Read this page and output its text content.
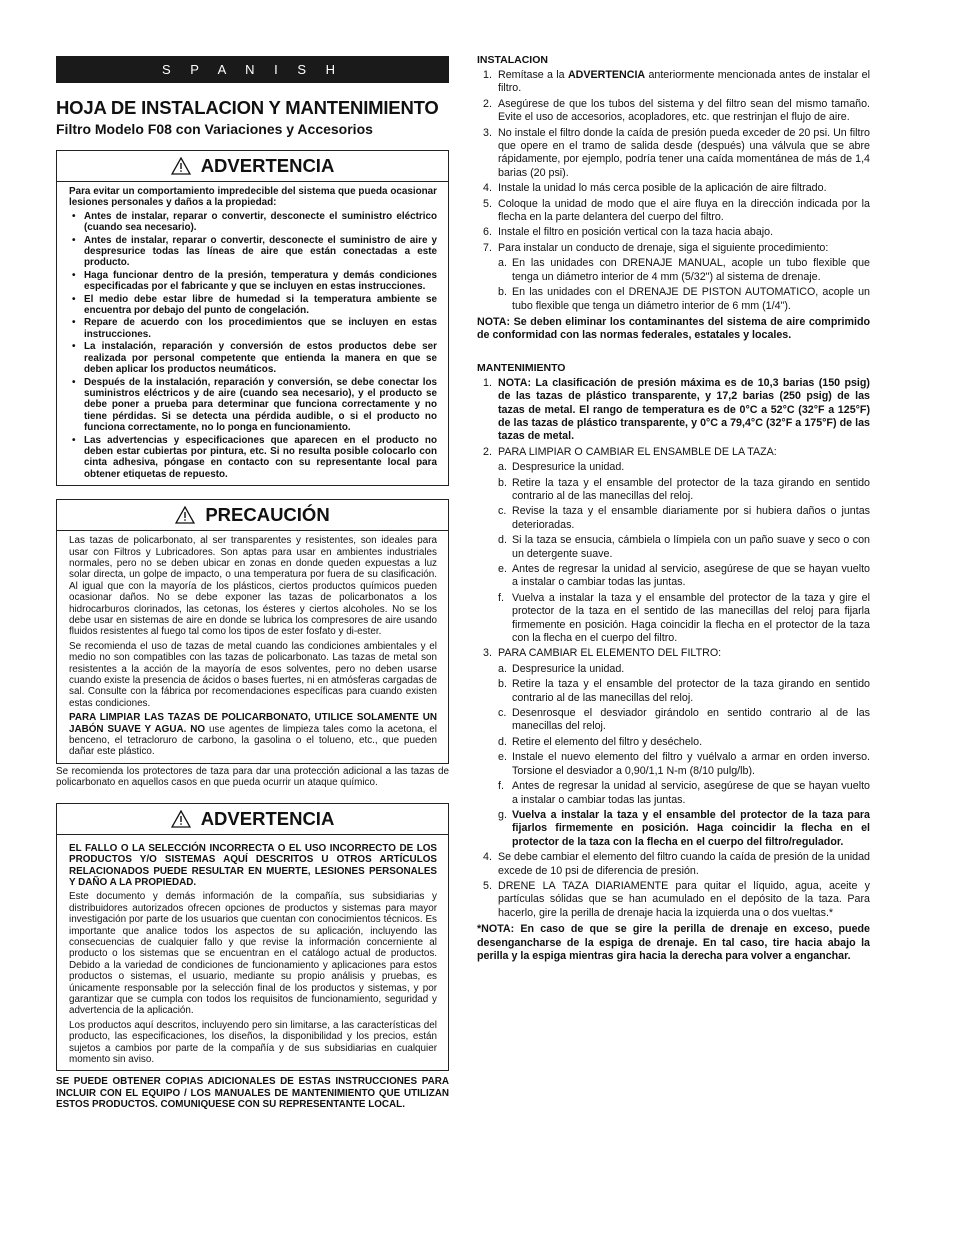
S P A N I S H
HOJA DE INSTALACION Y MANTENIMIENTO
Filtro Modelo F08 con Variaciones y Accesorios
ADVERTENCIA

Para evitar un comportamiento impredecible del sistema que pueda ocasionar lesiones personales y daños a la propiedad:

• Antes de instalar, reparar o convertir, desconecte el suministro eléctrico (cuando sea necesario).
• Antes de instalar, reparar o convertir, desconecte el suministro de aire y despresurice todas las líneas de aire que están conectadas a este producto.
• Haga funcionar dentro de la presión, temperatura y demás condiciones especificadas por el fabricante y que se incluyen en estas instrucciones.
• El medio debe estar libre de humedad si la temperatura ambiente se encuentra por debajo del punto de congelación.
• Repare de acuerdo con los procedimientos que se incluyen en estas instrucciones.
• La instalación, reparación y conversión de estos productos debe ser realizada por personal competente que entienda la manera en que se deben aplicar los productos neumáticos.
• Después de la instalación, reparación y conversión, se debe conectar los suministros eléctricos y de aire (cuando sea necesario), y el producto se debe poner a prueba para determinar que funciona correctamente y no tiene pérdidas. Si se detecta una pérdida audible, o si el producto no funciona correctamente, no lo ponga en funcionamiento.
• Las advertencias y especificaciones que aparecen en el producto no deben estar cubiertas por pintura, etc. Si no resulta posible colocarlo con cinta adhesiva, póngase en contacto con su representante local para obtener etiquetas de repuesto.
PRECAUCIÓN

Las tazas de policarbonato, al ser transparentes y resistentes, son ideales para usar con Filtros y Lubricadores. Son aptas para usar en ambientes industriales normales, pero no se deben ubicar en zonas en donde queden expuestas a luz solar directa, un golpe de impacto, o una temperatura por fuera de su clasificación. Al igual que con la mayoría de los plásticos, ciertos productos químicos pueden ocasionar daños. No se debe exponer las tazas de policarbonatos a los hidrocarburos clorinados, las cetonas, los ésteres y ciertos alcoholes. No se los debe usar en sistemas de aire en donde se lubrica los compresores de aire usando fluidos resistentes al fuego tal como los tipos de ester fosfato y di-ester.

Se recomienda el uso de tazas de metal cuando las condiciones ambientales y el medio no son compatibles con las tazas de policarbonato. Las tazas de metal son resistentes a la acción de la mayoría de esos solventes, pero no deben usarse cuando existe la presencia de ácidos o bases fuertes, ni en atmósferas cargadas de sal. Consulte con la fábrica por recomendaciones específicas para cuando existen estas condiciones.

PARA LIMPIAR LAS TAZAS DE POLICARBONATO, UTILICE SOLAMENTE UN JABÓN SUAVE Y AGUA. NO use agentes de limpieza tales como la acetona, el benceno, el tetracloruro de carbono, la gasolina o el tolueno, etc., que pueden dañar este plástico.

Se recomienda los protectores de taza para dar una protección adicional a las tazas de policarbonato en aquellos casos en que pueda ocurrir un ataque químico.

ADVERTENCIA

EL FALLO O LA SELECCIÓN INCORRECTA O EL USO INCORRECTO DE LOS PRODUCTOS Y/O SISTEMAS AQUÍ DESCRITOS U OTROS ARTÍCULOS RELACIONADOS PUEDE RESULTAR EN MUERTE, LESIONES PERSONALES Y DAÑO A LA PROPIEDAD.

Este documento y demás información de la compañía, sus subsidiarias y distribuidores autorizados ofrecen opciones de productos y sistemas para mayor investigación por parte de los usuarios que cuentan con conocimientos técnicos. Es importante que analice todos los aspectos de su aplicación, incluyendo las consecuencias de cualquier fallo y que revise la información concerniente al producto o los sistemas que se encuentran en el catálogo actual de productos. Debido a la variedad de condiciones de funcionamiento y aplicaciones para estos productos o sistemas, el usuario, mediante su propio análisis y pruebas, es únicamente responsable por la selección final de los productos y sistemas, y por garantizar que se cumpla con todos los requisitos de funcionamiento, seguridad y advertencia de la aplicación.

Los productos aquí descritos, incluyendo pero sin limitarse, a las características del producto, las especificaciones, los diseños, la disponibilidad y los precios, están sujetos a cambios por parte de la compañía y de sus subsidiarias en cualquier momento sin aviso.

SE PUEDE OBTENER COPIAS ADICIONALES DE ESTAS INSTRUCCIONES PARA INCLUIR CON EL EQUIPO / LOS MANUALES DE MANTENIMIENTO QUE UTILIZAN ESTOS PRODUCTOS. COMUNIQUESE CON SU REPRESENTANTE LOCAL.

INSTALACION
1. Remítase a la ADVERTENCIA anteriormente mencionada antes de instalar el filtro.
2. Asegúrese de que los tubos del sistema y del filtro sean del mismo tamaño. Evite el uso de accesorios, acopladores, etc. que restrinjan el flujo de aire.
3. No instale el filtro donde la caída de presión pueda exceder de 20 psi. Un filtro que opere en el tramo de salida desde (después) una válvula que se abre rápidamente, por ejemplo, podría tener una caída momentánea de más de 1,4 barias (20 psi).
4. Instale la unidad lo más cerca posible de la aplicación de aire filtrado.
5. Coloque la unidad de modo que el aire fluya en la dirección indicada por la flecha en la parte delantera del cuerpo del filtro.
6. Instale el filtro en posición vertical con la taza hacia abajo.
7. Para instalar un conducto de drenaje, siga el siguiente procedimiento:
a. En las unidades con DRENAJE MANUAL, acople un tubo flexible que tenga un diámetro interior de 4 mm (5/32") al sistema de drenaje.
b. En las unidades con el DRENAJE DE PISTON AUTOMATICO, acople un tubo flexible que tenga un diámetro interior de 6 mm (1/4").

NOTA: Se deben eliminar los contaminantes del sistema de aire comprimido de conformidad con las normas federales, estatales y locales.

MANTENIMIENTO
1. NOTA: La clasificación de presión máxima es de 10,3 barias (150 psig) de las tazas de plástico transparente, y 17,2 barias (250 psig) de las tazas de metal. El rango de temperatura es de 0°C a 52°C (32°F a 125°F) de las tazas de plástico transparente, y 0°C a 79,4°C (32°F a 175°F) de las tazas de metal.
2. PARA LIMPIAR O CAMBIAR EL ENSAMBLE DE LA TAZA:
a. Despresurice la unidad.
b. Retire la taza y el ensamble del protector de la taza girando en sentido contrario al de las manecillas del reloj.
c. Revise la taza y el ensamble diariamente por si hubiera daños o juntas deterioradas.
d. Si la taza se ensucia, cámbiela o límpiela con un paño suave y seco o con un detergente suave.
e. Antes de regresar la unidad al servicio, asegúrese de que se hayan vuelto a instalar o cambiar todas las juntas.
f. Vuelva a instalar la taza y el ensamble del protector de la taza y gire el protector de la taza en el sentido de las manecillas del reloj para fijarla firmemente en posición. Haga coincidir la flecha en el protector de la taza con la flecha en el cuerpo del filtro.
3. PARA CAMBIAR EL ELEMENTO DEL FILTRO:
a. Despresurice la unidad.
b. Retire la taza y el ensamble del protector de la taza girando en sentido contrario al de las manecillas del reloj.
c. Desenrosque el desviador girándolo en sentido contrario al de las manecillas del reloj.
d. Retire el elemento del filtro y deséchelo.
e. Instale el nuevo elemento del filtro y vuélvalo a armar en orden inverso. Torsione el desviador a 0,90/1,1 N-m (8/10 pulg/lb).
f. Antes de regresar la unidad al servicio, asegúrese de que se hayan vuelto a instalar o cambiar todas las juntas.
g. Vuelva a instalar la taza y el ensamble del protector de la taza para fijarlos firmemente en posición. Haga coincidir la flecha en el protector de la taza con la flecha en el cuerpo del filtro/regulador.
4. Se debe cambiar el elemento del filtro cuando la caída de presión de la unidad excede de 10 psi de diferencia de presión.
5. DRENE LA TAZA DIARIAMENTE para quitar el líquido, agua, aceite y partículas sólidas que se han acumulado en el depósito de la taza. Para hacerlo, gire la perilla de drenaje hacia la izquierda una o dos vueltas.*

*NOTA: En caso de que se gire la perilla de drenaje en exceso, puede desengancharse de la espiga de drenaje. En tal caso, tire hacia abajo la perilla y la espiga mientras gira hacia la derecha para volver a enganchar.
